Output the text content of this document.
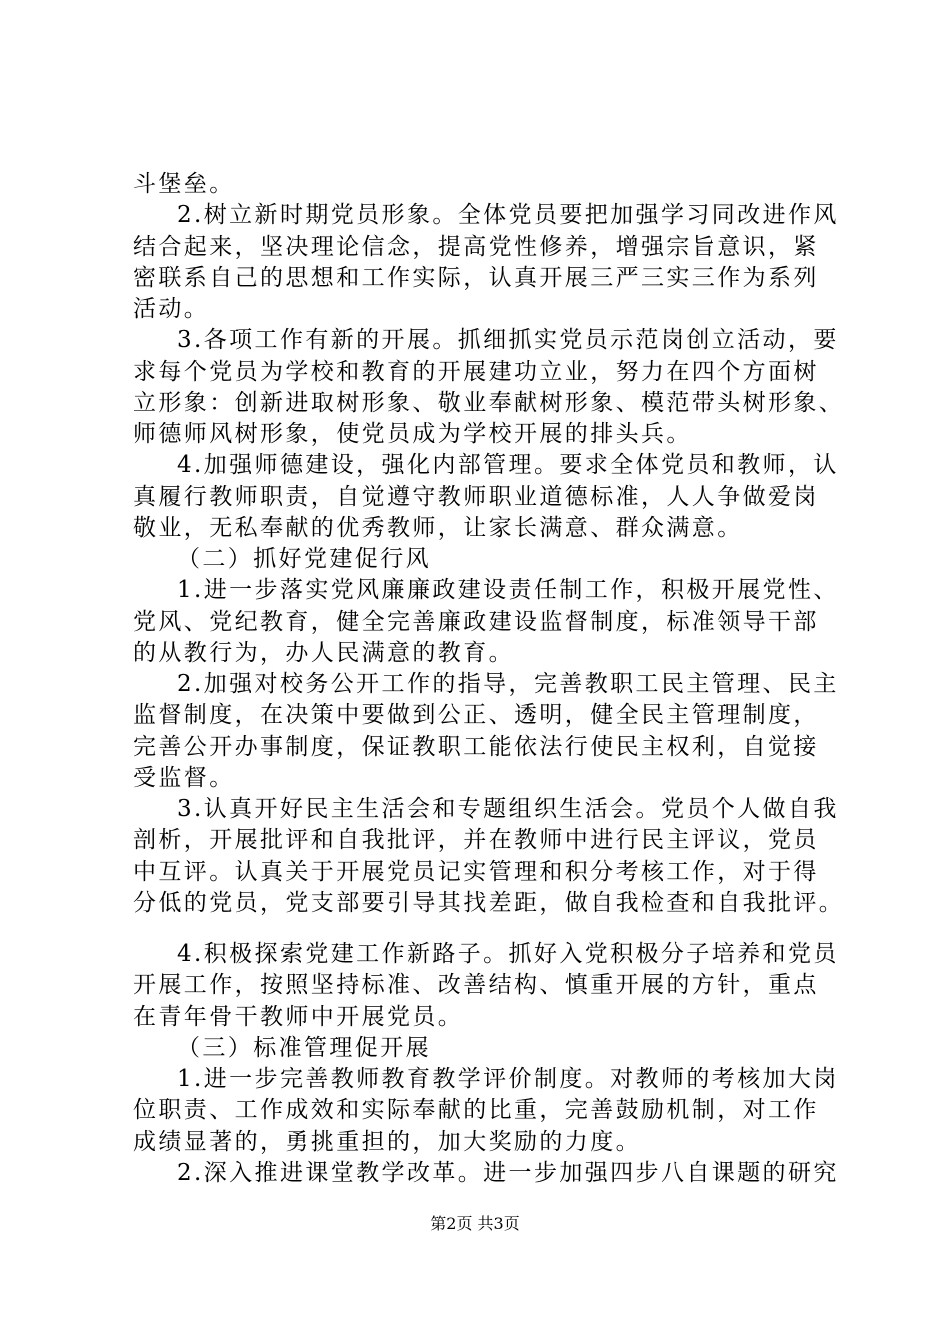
斗堡垒。
2.树立新时期党员形象。全体党员要把加强学习同改进作风
结合起来，坚决理论信念，提高党性修养，增强宗旨意识，紧
密联系自己的思想和工作实际，认真开展三严三实三作为系列
活动。
3.各项工作有新的开展。抓细抓实党员示范岗创立活动，要
求每个党员为学校和教育的开展建功立业，努力在四个方面树
立形象：创新进取树形象、敬业奉献树形象、模范带头树形象、
师德师风树形象，使党员成为学校开展的排头兵。
4.加强师德建设，强化内部管理。要求全体党员和教师，认
真履行教师职责，自觉遵守教师职业道德标准，人人争做爱岗
敬业，无私奉献的优秀教师，让家长满意、群众满意。
（二）抓好党建促行风
1.进一步落实党风廉廉政建设责任制工作，积极开展党性、
党风、党纪教育，健全完善廉政建设监督制度，标准领导干部
的从教行为，办人民满意的教育。
2.加强对校务公开工作的指导，完善教职工民主管理、民主
监督制度，在决策中要做到公正、透明，健全民主管理制度，
完善公开办事制度，保证教职工能依法行使民主权利，自觉接
受监督。
3.认真开好民主生活会和专题组织生活会。党员个人做自我
剖析，开展批评和自我批评，并在教师中进行民主评议，党员
中互评。认真关于开展党员记实管理和积分考核工作，对于得
分低的党员，党支部要引导其找差距，做自我检查和自我批评。
4.积极探索党建工作新路子。抓好入党积极分子培养和党员
开展工作，按照坚持标准、改善结构、慎重开展的方针，重点
在青年骨干教师中开展党员。
（三）标准管理促开展
1.进一步完善教师教育教学评价制度。对教师的考核加大岗
位职责、工作成效和实际奉献的比重，完善鼓励机制，对工作
成绩显著的，勇挑重担的，加大奖励的力度。
2.深入推进课堂教学改革。进一步加强四步八自课题的研究
第2页 共3页
